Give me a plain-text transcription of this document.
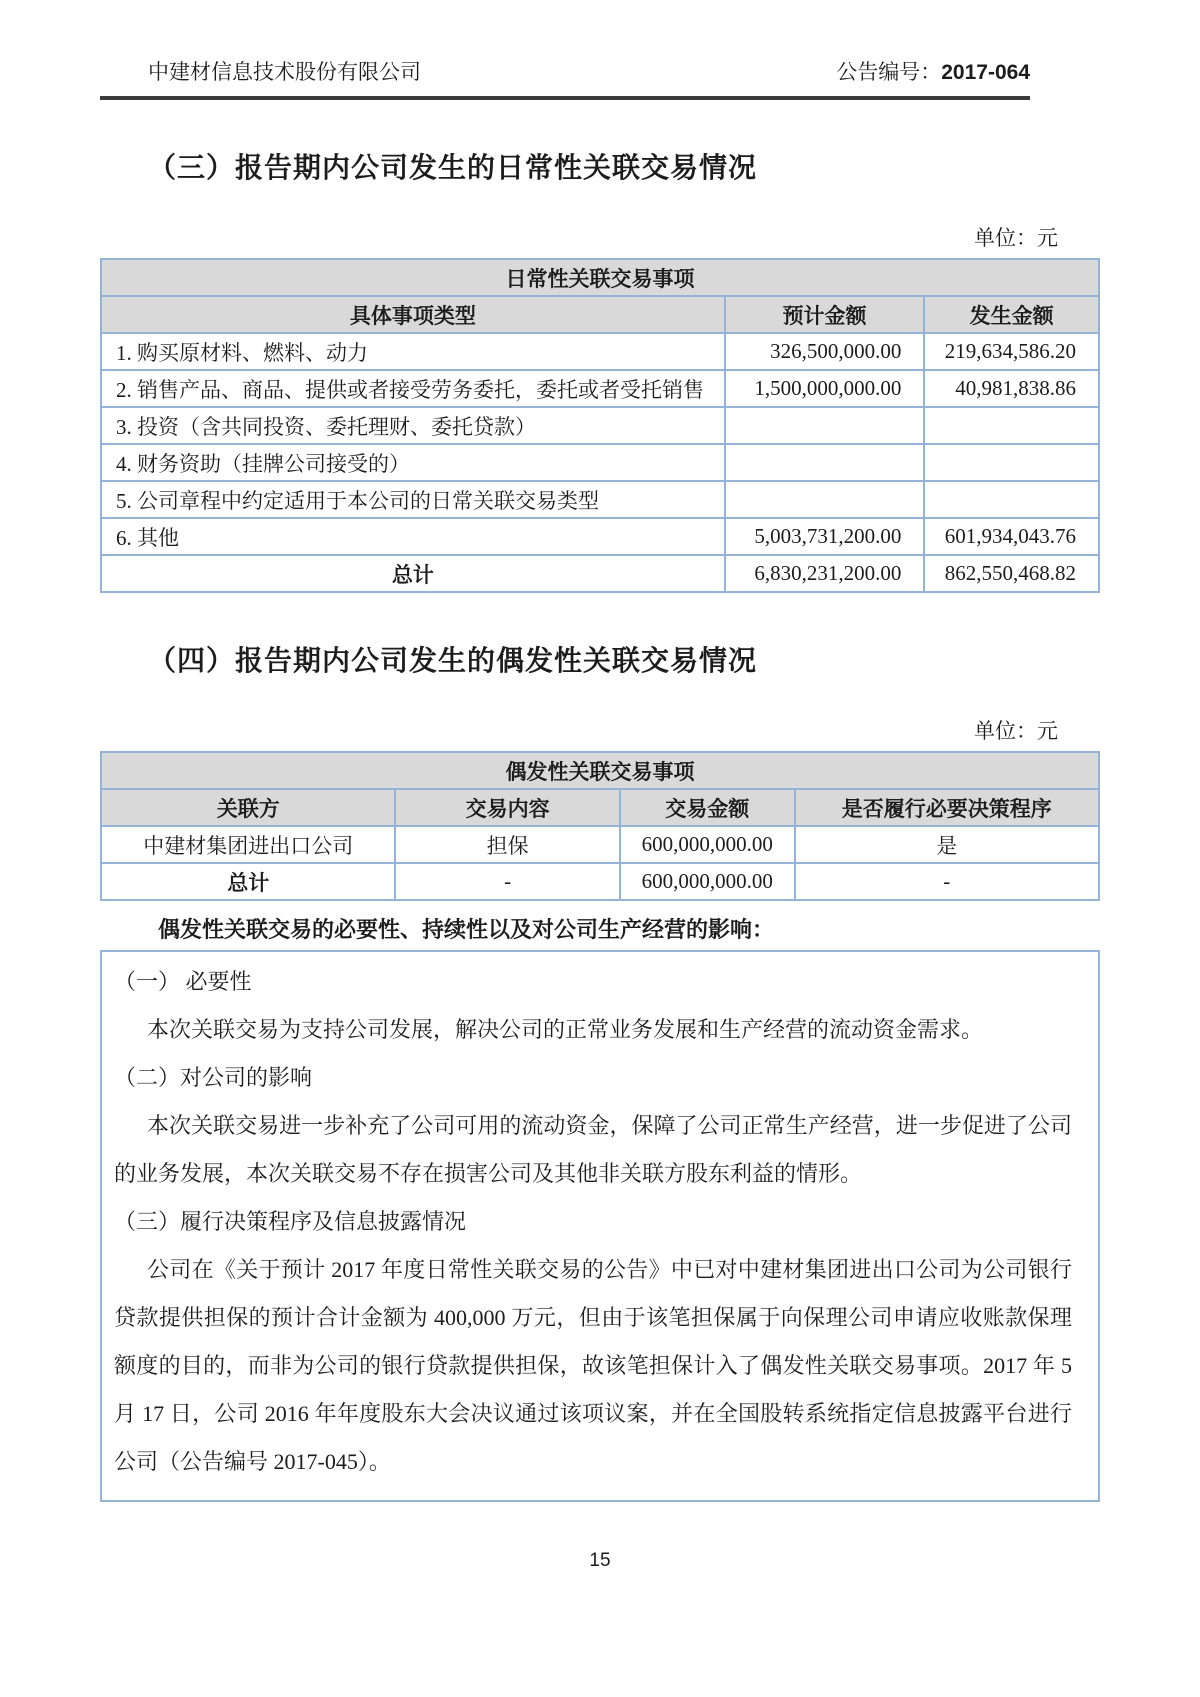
中建材信息技术股份有限公司	公告编号：2017-064
（三）报告期内公司发生的日常性关联交易情况
单位：元
日常性关联交易事项		
具体事项类型	预计金额	发生金额
1. 购买原材料、燃料、动力	326,500,000.00	219,634,586.20
2. 销售产品、商品、提供或者接受劳务委托，委托或者受托销售	1,500,000,000.00	40,981,838.86
3. 投资（含共同投资、委托理财、委托贷款）		
4. 财务资助（挂牌公司接受的）		
5. 公司章程中约定适用于本公司的日常关联交易类型		
6. 其他	5,003,731,200.00	601,934,043.76
总计	6,830,231,200.00	862,550,468.82
（四）报告期内公司发生的偶发性关联交易情况
单位：元
偶发性关联交易事项			
关联方	交易内容	交易金额	是否履行必要决策程序
中建材集团进出口公司	担保	600,000,000.00	是
总计	-	600,000,000.00	-
偶发性关联交易的必要性、持续性以及对公司生产经营的影响：

（一） 必要性

本次关联交易为支持公司发展，解决公司的正常业务发展和生产经营的流动资金需求。

（二）对公司的影响

本次关联交易进一步补充了公司可用的流动资金，保障了公司正常生产经营，进一步促进了公司的业务发展，本次关联交易不存在损害公司及其他非关联方股东利益的情形。

（三）履行决策程序及信息披露情况

公司在《关于预计 2017 年度日常性关联交易的公告》中已对中建材集团进出口公司为公司银行贷款提供担保的预计合计金额为 400,000 万元，但由于该笔担保属于向保理公司申请应收账款保理额度的目的，而非为公司的银行贷款提供担保，故该笔担保计入了偶发性关联交易事项。2017 年 5 月 17 日，公司 2016 年年度股东大会决议通过该项议案，并在全国股转系统指定信息披露平台进行公司（公告编号 2017-045）。

15
